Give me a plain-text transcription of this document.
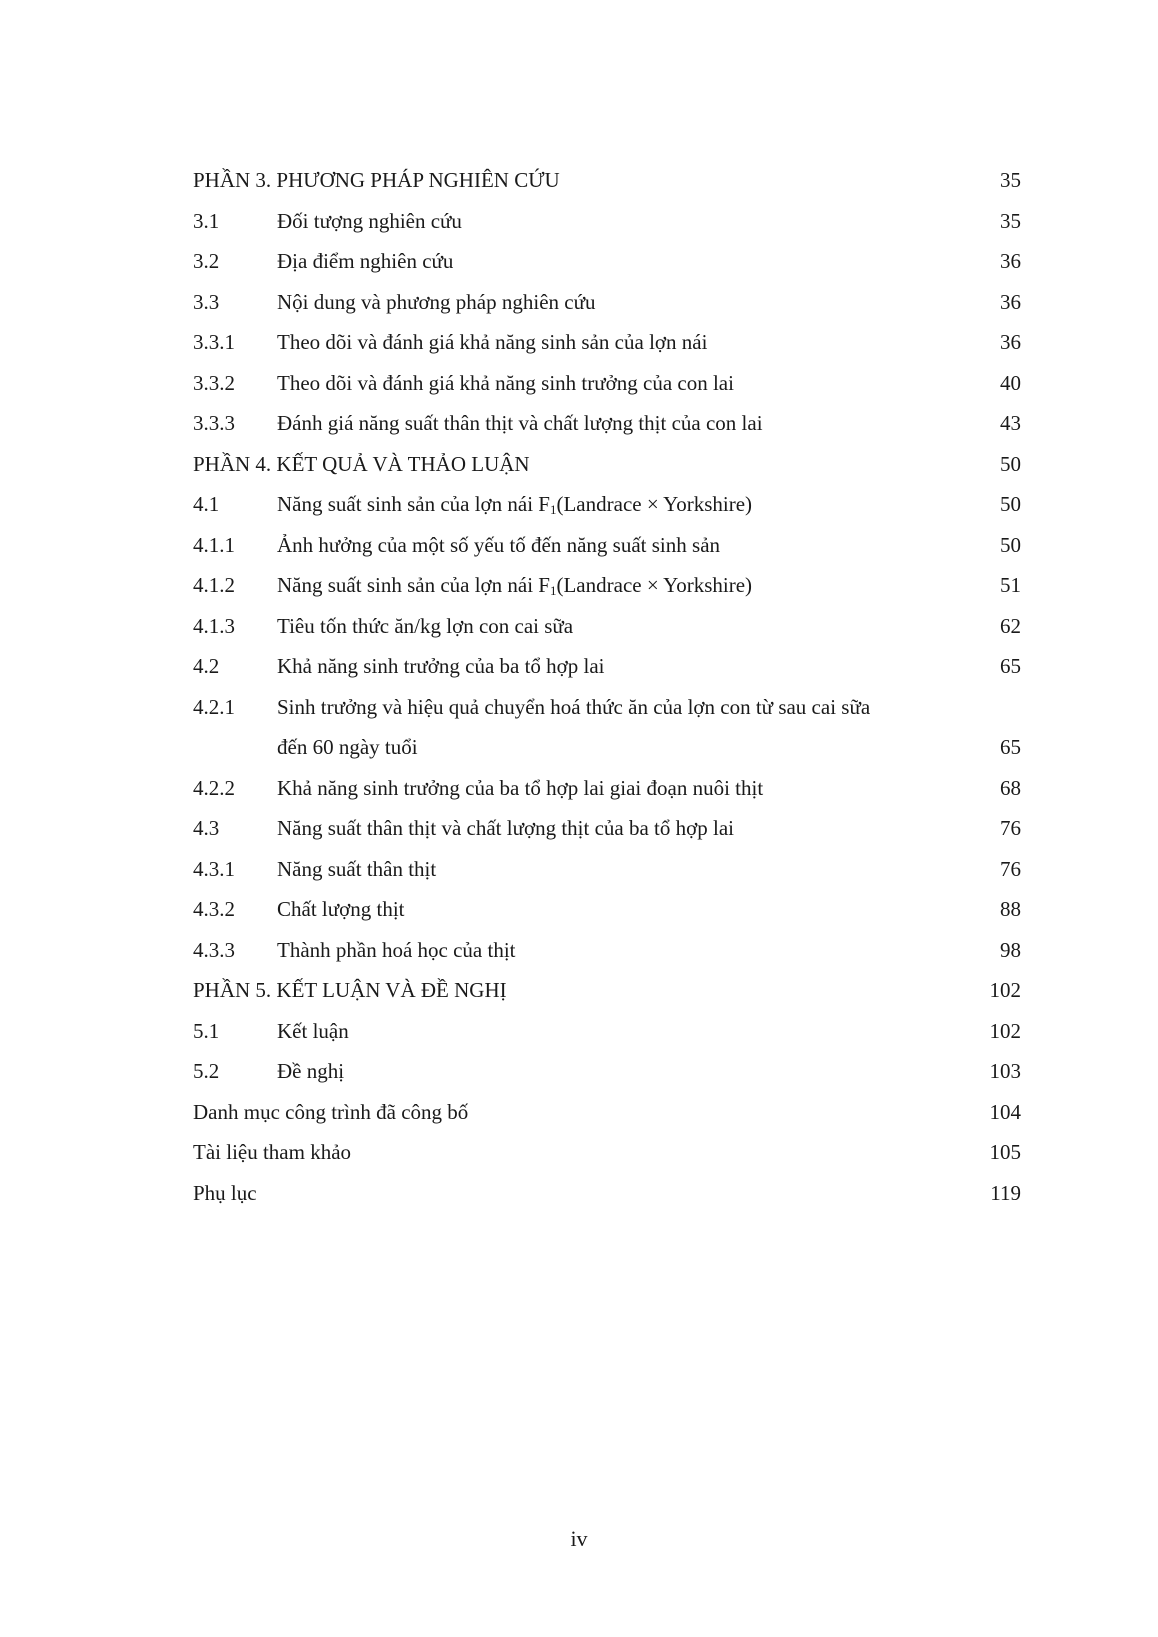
PHẦN 3. PHƯƠNG PHÁP NGHIÊN CỨU	35
3.1	Đối tượng nghiên cứu	35
3.2	Địa điểm nghiên cứu	36
3.3	Nội dung và phương pháp nghiên cứu	36
3.3.1	Theo dõi và đánh giá khả năng sinh sản của lợn nái	36
3.3.2	Theo dõi và đánh giá khả năng sinh trưởng của con lai	40
3.3.3	Đánh giá năng suất thân thịt và chất lượng thịt của con lai	43
PHẦN 4. KẾT QUẢ VÀ THẢO LUẬN	50
4.1	Năng suất sinh sản của lợn nái $F_1(Landrace$ × Yorkshire)	50
4.1.1	Ảnh hưởng của một số yếu tố đến năng suất sinh sản	50
4.1.2	Năng suất sinh sản của lợn nái $F_1(Landrace$ × Yorkshire)	51
4.1.3	Tiêu tốn thức ăn/kg lợn con cai sữa	62
4.2	Khả năng sinh trưởng của ba tổ hợp lai	65
4.2.1	Sinh trưởng và hiệu quả chuyển hoá thức ăn của lợn con từ sau cai sữa
đến 60 ngày tuổi	65
4.2.2	Khả năng sinh trưởng của ba tổ hợp lai giai đoạn nuôi thịt	68
4.3	Năng suất thân thịt và chất lượng thịt của ba tổ hợp lai	76
4.3.1	Năng suất thân thịt	76
4.3.2	Chất lượng thịt	88
4.3.3	Thành phần hoá học của thịt	98
PHẦN 5. KẾT LUẬN VÀ ĐỀ NGHỊ	102
5.1	Kết luận	102
5.2	Đề nghị	103
Danh mục công trình đã công bố	104
Tài liệu tham khảo	105
Phụ lục	119
iv
